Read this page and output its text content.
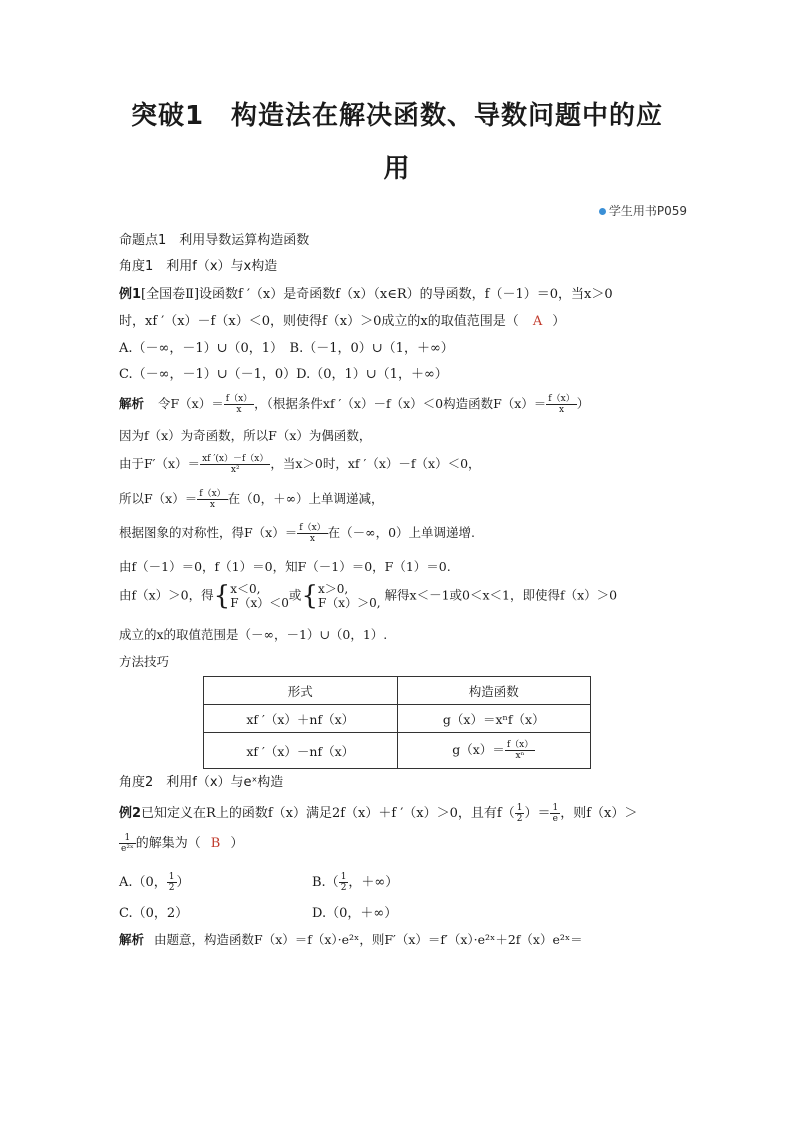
突破1　构造法在解决函数、导数问题中的应
用
学生用书P059
命题点1　利用导数运算构造函数
角度1　利用f（x）与x构造
例1[全国卷Ⅱ]设函数f ′（x）是奇函数f（x）（x∈R）的导函数，f（－1）＝0，当x＞0
时，xf ′（x）－f（x）＜0，则使得f（x）＞0成立的x的取值范围是（ A ）
A.（－∞，－1）∪（0，1）　B.（－1，0）∪（1，＋∞）
C.（－∞，－1）∪（－1，0）D.（0，1）∪（1，＋∞）
解析 令$F(x)= \frac{f(x)}{x}$ ，（根据条件xf ′（x）－f（x）＜0构造函数$F(x)= \frac{f(x)}{x}$ ）
因为f（x）为奇函数，所以F（x）为偶函数，
由于$F'(x)= \frac{xf '(x)-f(x)}{\text{x²}}$ ，当x＞0时，xf ′（x）－f（x）＜0，
所以$F(x)= \frac{f(x)}{x}$ 在（0，＋∞）上单调递减，
根据图象的对称性，得$F(x)= \frac{f(x)}{x}$ 在（－∞，0）上单调递增.
由f（－1）＝0，f（1）＝0，知F（－1）＝0，F（1）＝0.
由f（x）＞0，得{x＜0,
F（x）＜0或{x＞0,
F（x）＞0, 解得x＜－1或0＜x＜1，即使得f（x）＞0
成立的x的取值范围是（－∞，－1）∪（0，1）.
方法技巧
形式	构造函数
xf ′（x）＋nf（x）	g（x）＝xⁿf（x）
xf ′（x）－nf（x）	$g(x)= \frac{f(x)}{\text{xⁿ}}$
角度2　利用f（x）与eˣ构造
例2已知定义在R上的函数f（x）满足2f（x）＋f ′（x）＞0，且有$f( \frac{1}{2}$ ）＝ $\frac{1}{e}$ ，则f（x）＞
$\frac{1}{\text{e²ˣ}}$ 的解集为（ B ）
A.（0， $\frac{1}{2}$ ）	$B.( \frac{1}{2}$ ，＋∞）
C.（0，2）	D.（0，＋∞）
解析 由题意，构造函数F（x）＝f（x）·e²ˣ，则F′（x）＝f′（x）·e²ˣ＋2f（x）e²ˣ＝
